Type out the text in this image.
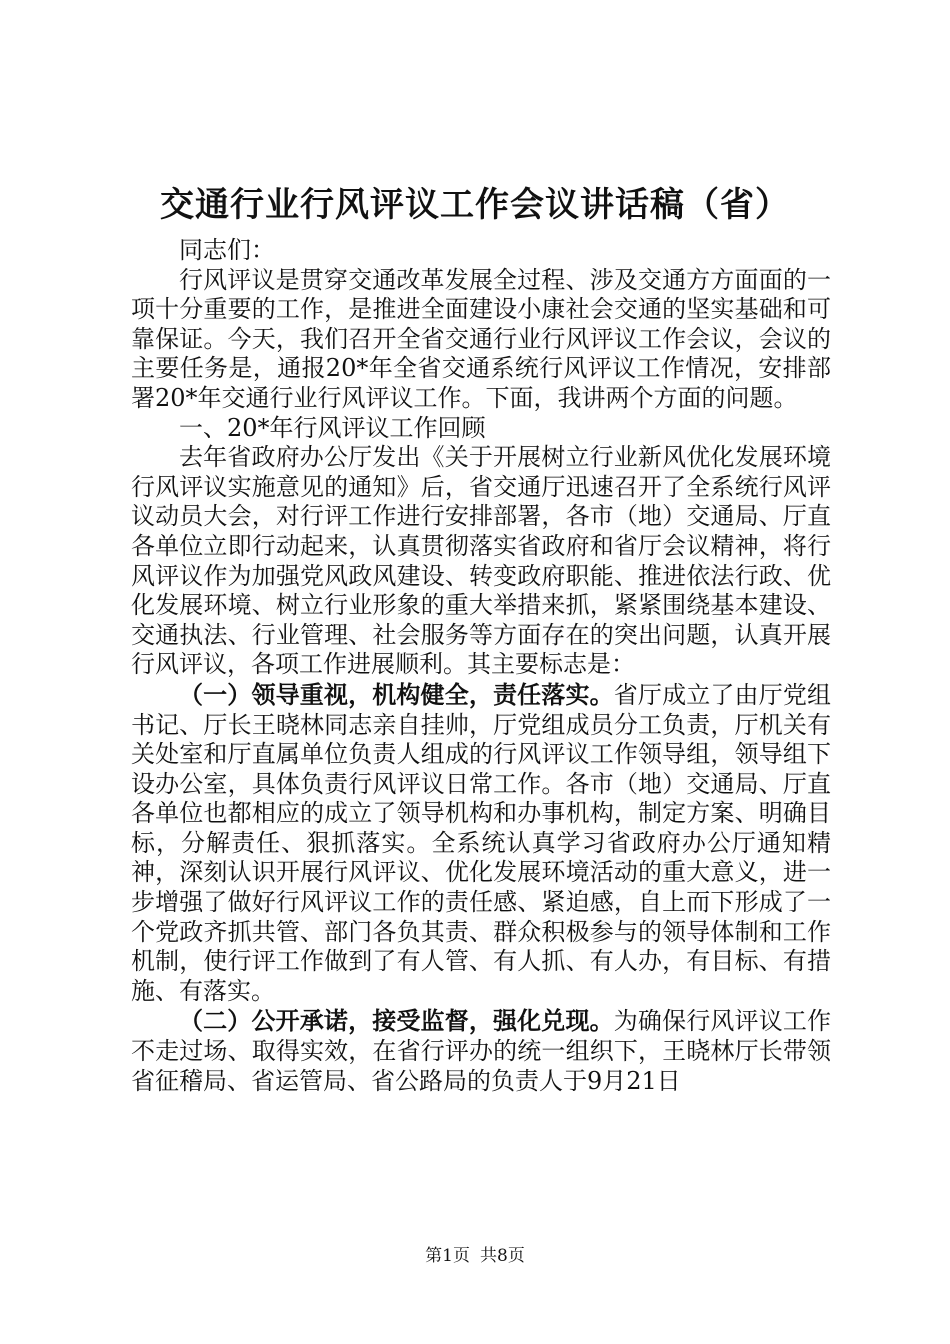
交通行业行风评议工作会议讲话稿（省）

同志们：

行风评议是贯穿交通改革发展全过程、涉及交通方方面面的一项十分重要的工作，是推进全面建设小康社会交通的坚实基础和可靠保证。今天，我们召开全省交通行业行风评议工作会议，会议的主要任务是，通报20*年全省交通系统行风评议工作情况，安排部署20*年交通行业行风评议工作。下面，我讲两个方面的问题。

一、20*年行风评议工作回顾

去年省政府办公厅发出《关于开展树立行业新风优化发展环境行风评议实施意见的通知》后，省交通厅迅速召开了全系统行风评议动员大会，对行评工作进行安排部署，各市（地）交通局、厅直各单位立即行动起来，认真贯彻落实省政府和省厅会议精神，将行风评议作为加强党风政风建设、转变政府职能、推进依法行政、优化发展环境、树立行业形象的重大举措来抓，紧紧围绕基本建设、交通执法、行业管理、社会服务等方面存在的突出问题，认真开展行风评议，各项工作进展顺利。其主要标志是：

（一）领导重视，机构健全，责任落实。省厅成立了由厅党组书记、厅长王晓林同志亲自挂帅，厅党组成员分工负责，厅机关有关处室和厅直属单位负责人组成的行风评议工作领导组，领导组下设办公室，具体负责行风评议日常工作。各市（地）交通局、厅直各单位也都相应的成立了领导机构和办事机构，制定方案、明确目标，分解责任、狠抓落实。全系统认真学习省政府办公厅通知精神，深刻认识开展行风评议、优化发展环境活动的重大意义，进一步增强了做好行风评议工作的责任感、紧迫感，自上而下形成了一个党政齐抓共管、部门各负其责、群众积极参与的领导体制和工作机制，使行评工作做到了有人管、有人抓、有人办，有目标、有措施、有落实。

（二）公开承诺，接受监督，强化兑现。为确保行风评议工作不走过场、取得实效，在省行评办的统一组织下，王晓林厅长带领省征稽局、省运管局、省公路局的负责人于9月21日

第1页 共8页
